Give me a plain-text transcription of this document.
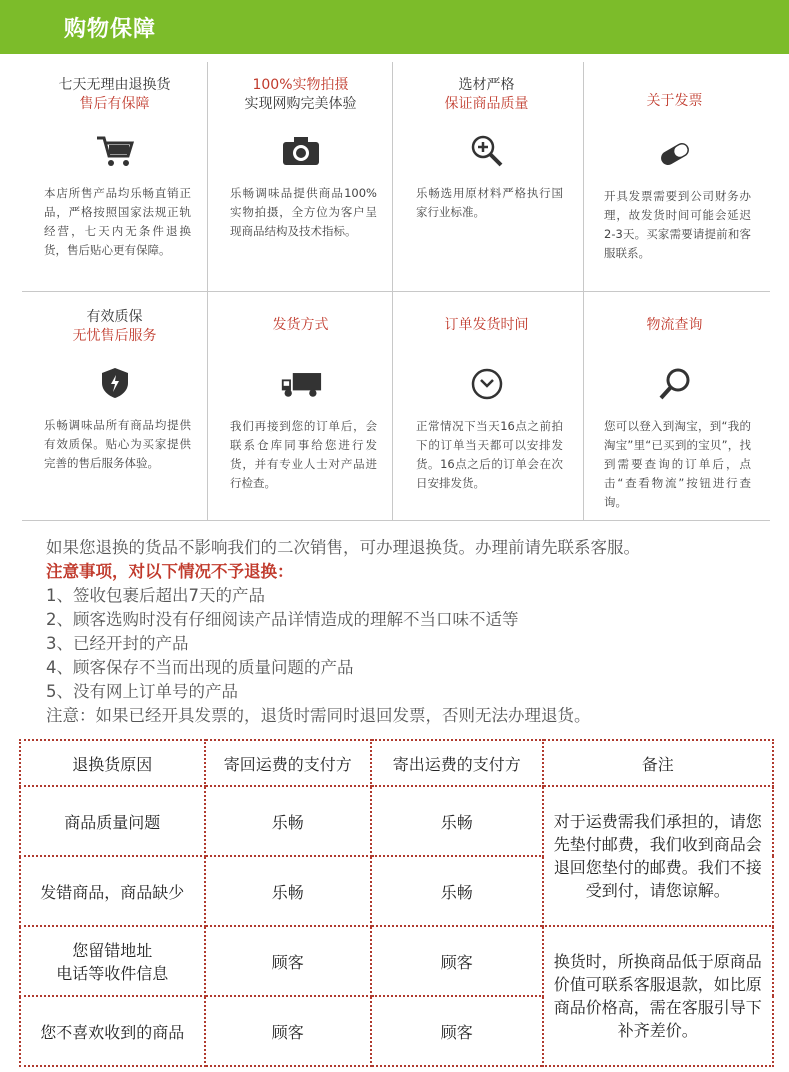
购物保障
七天无理由退换货
售后有保障
本店所售产品均乐畅直销正品，严格按照国家法规正轨经营，七天内无条件退换货，售后贴心更有保障。
100%实物拍摄
实现网购完美体验
乐畅调味品提供商品100%实物拍摄，全方位为客户呈现商品结构及技术指标。
选材严格
保证商品质量
乐畅选用原材料严格执行国家行业标准。
关于发票
开具发票需要到公司财务办理，故发货时间可能会延迟2-3天。买家需要请提前和客服联系。
有效质保
无忧售后服务
乐畅调味品所有商品均提供有效质保。贴心为买家提供完善的售后服务体验。
发货方式
我们再接到您的订单后，会联系仓库同事给您进行发货，并有专业人士对产品进行检查。
订单发货时间
正常情况下当天16点之前拍下的订单当天都可以安排发货。16点之后的订单会在次日安排发货。
物流查询
您可以登入到淘宝，到“我的淘宝”里“已买到的宝贝”，找到需要查询的订单后，点击“查看物流”按钮进行查询。
如果您退换的货品不影响我们的二次销售，可办理退换货。办理前请先联系客服。
注意事项，对以下情况不予退换：
1、签收包裹后超出7天的产品
2、顾客选购时没有仔细阅读产品详情造成的理解不当口味不适等
3、已经开封的产品
4、顾客保存不当而出现的质量问题的产品
5、没有网上订单号的产品
注意：如果已经开具发票的，退货时需同时退回发票，否则无法办理退货。
退换货原因	寄回运费的支付方	寄出运费的支付方	备注
商品质量问题	乐畅	乐畅	对于运费需我们承担的，请您先垫付邮费，我们收到商品会退回您垫付的邮费。我们不接受到付，请您谅解。
发错商品，商品缺少	乐畅	乐畅	
您留错地址
电话等收件信息	顾客	顾客	换货时，所换商品低于原商品价值可联系客服退款，如比原商品价格高，需在客服引导下补齐差价。
您不喜欢收到的商品	顾客	顾客	
